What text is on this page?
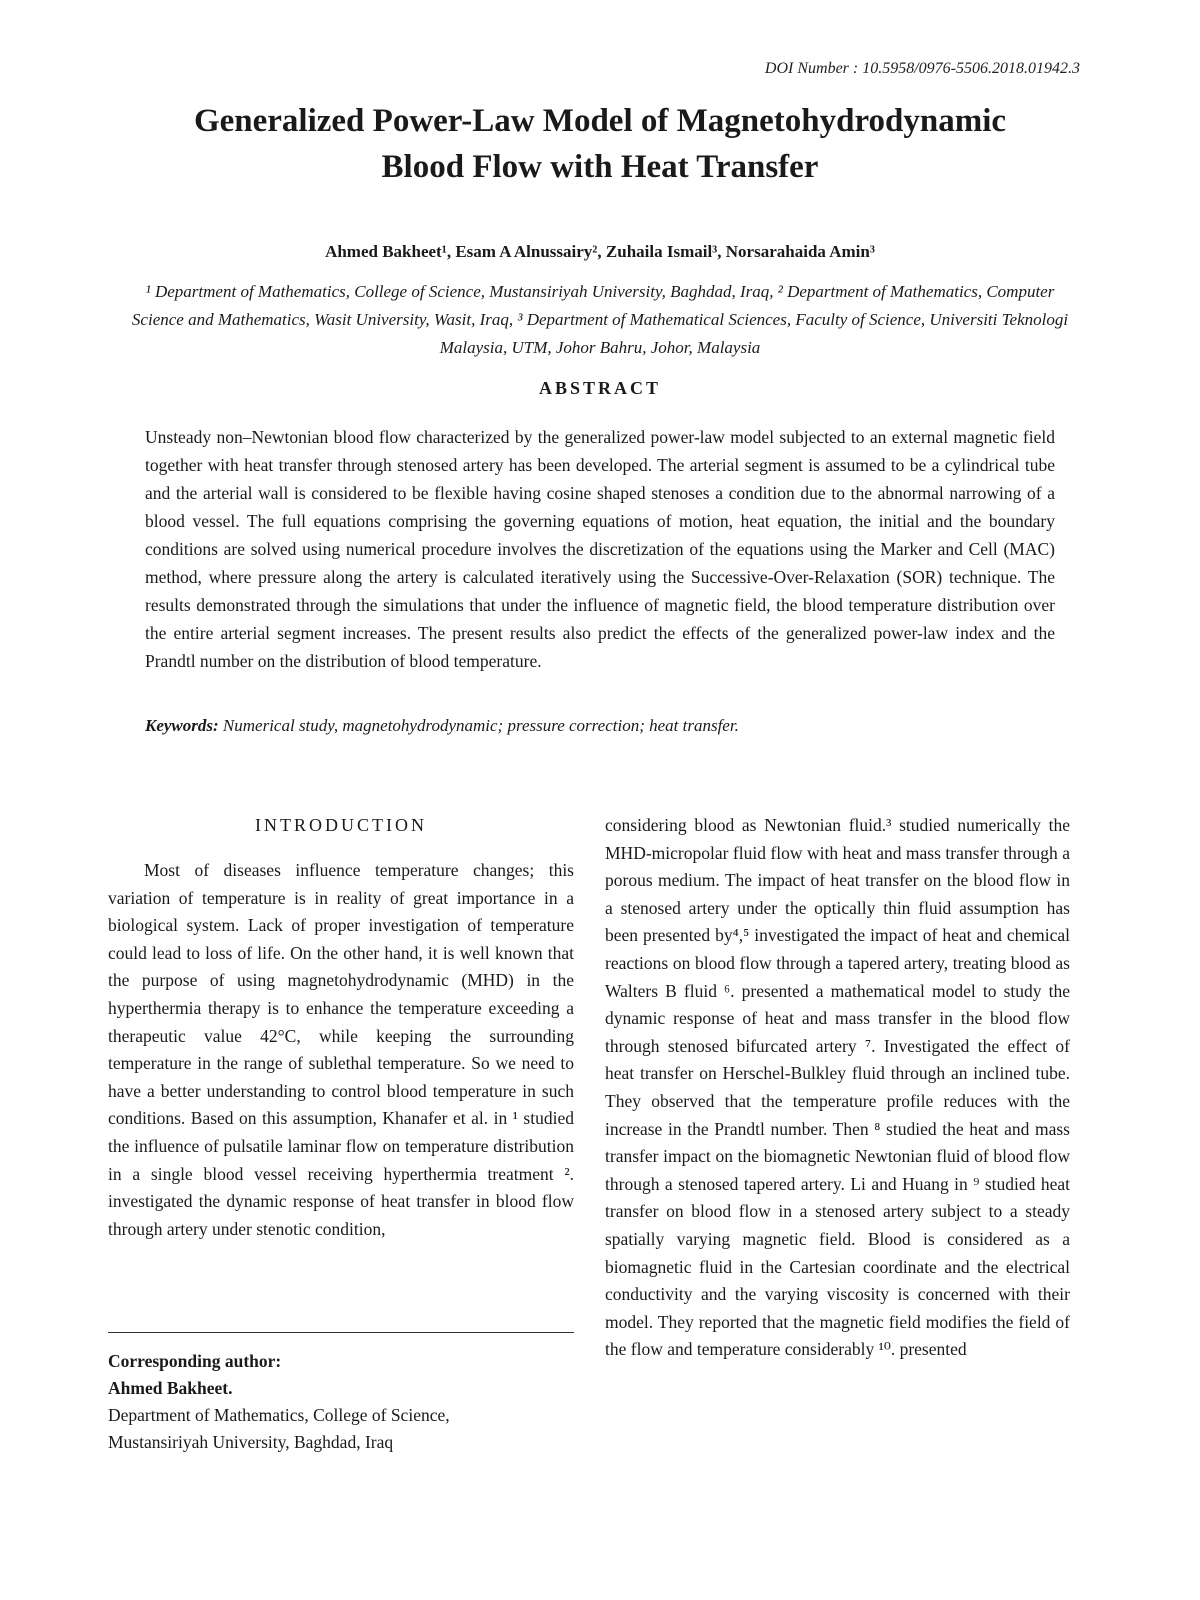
DOI Number : 10.5958/0976-5506.2018.01942.3
Generalized Power-Law Model of Magnetohydrodynamic
Blood Flow with Heat Transfer
Ahmed Bakheet¹, Esam A Alnussairy², Zuhaila Ismail³, Norsarahaida Amin³
¹ Department of Mathematics, College of Science, Mustansiriyah University, Baghdad, Iraq, ² Department of Mathematics, Computer Science and Mathematics, Wasit University, Wasit, Iraq, ³ Department of Mathematical Sciences, Faculty of Science, Universiti Teknologi Malaysia, UTM, Johor Bahru, Johor, Malaysia
ABSTRACT
Unsteady non–Newtonian blood flow characterized by the generalized power-law model subjected to an external magnetic field together with heat transfer through stenosed artery has been developed. The arterial segment is assumed to be a cylindrical tube and the arterial wall is considered to be flexible having cosine shaped stenoses a condition due to the abnormal narrowing of a blood vessel. The full equations comprising the governing equations of motion, heat equation, the initial and the boundary conditions are solved using numerical procedure involves the discretization of the equations using the Marker and Cell (MAC) method, where pressure along the artery is calculated iteratively using the Successive-Over-Relaxation (SOR) technique. The results demonstrated through the simulations that under the influence of magnetic field, the blood temperature distribution over the entire arterial segment increases. The present results also predict the effects of the generalized power-law index and the Prandtl number on the distribution of blood temperature.
Keywords: Numerical study, magnetohydrodynamic; pressure correction; heat transfer.
INTRODUCTION

Most of diseases influence temperature changes; this variation of temperature is in reality of great importance in a biological system. Lack of proper investigation of temperature could lead to loss of life. On the other hand, it is well known that the purpose of using magnetohydrodynamic (MHD) in the hyperthermia therapy is to enhance the temperature exceeding a therapeutic value 42°C, while keeping the surrounding temperature in the range of sublethal temperature. So we need to have a better understanding to control blood temperature in such conditions. Based on this assumption, Khanafer et al. in ¹ studied the influence of pulsatile laminar flow on temperature distribution in a single blood vessel receiving hyperthermia treatment ². investigated the dynamic response of heat transfer in blood flow through artery under stenotic condition,

considering blood as Newtonian fluid.³ studied numerically the MHD-micropolar fluid flow with heat and mass transfer through a porous medium. The impact of heat transfer on the blood flow in a stenosed artery under the optically thin fluid assumption has been presented by⁴,⁵ investigated the impact of heat and chemical reactions on blood flow through a tapered artery, treating blood as Walters B fluid ⁶. presented a mathematical model to study the dynamic response of heat and mass transfer in the blood flow through stenosed bifurcated artery ⁷. Investigated the effect of heat transfer on Herschel-Bulkley fluid through an inclined tube. They observed that the temperature profile reduces with the increase in the Prandtl number. Then ⁸ studied the heat and mass transfer impact on the biomagnetic Newtonian fluid of blood flow through a stenosed tapered artery. Li and Huang in ⁹ studied heat transfer on blood flow in a stenosed artery subject to a steady spatially varying magnetic field. Blood is considered as a biomagnetic fluid in the Cartesian coordinate and the electrical conductivity and the varying viscosity is concerned with their model. They reported that the magnetic field modifies the field of the flow and temperature considerably ¹⁰. presented

Corresponding author:
Ahmed Bakheet.
Department of Mathematics, College of Science,
Mustansiriyah University, Baghdad, Iraq
